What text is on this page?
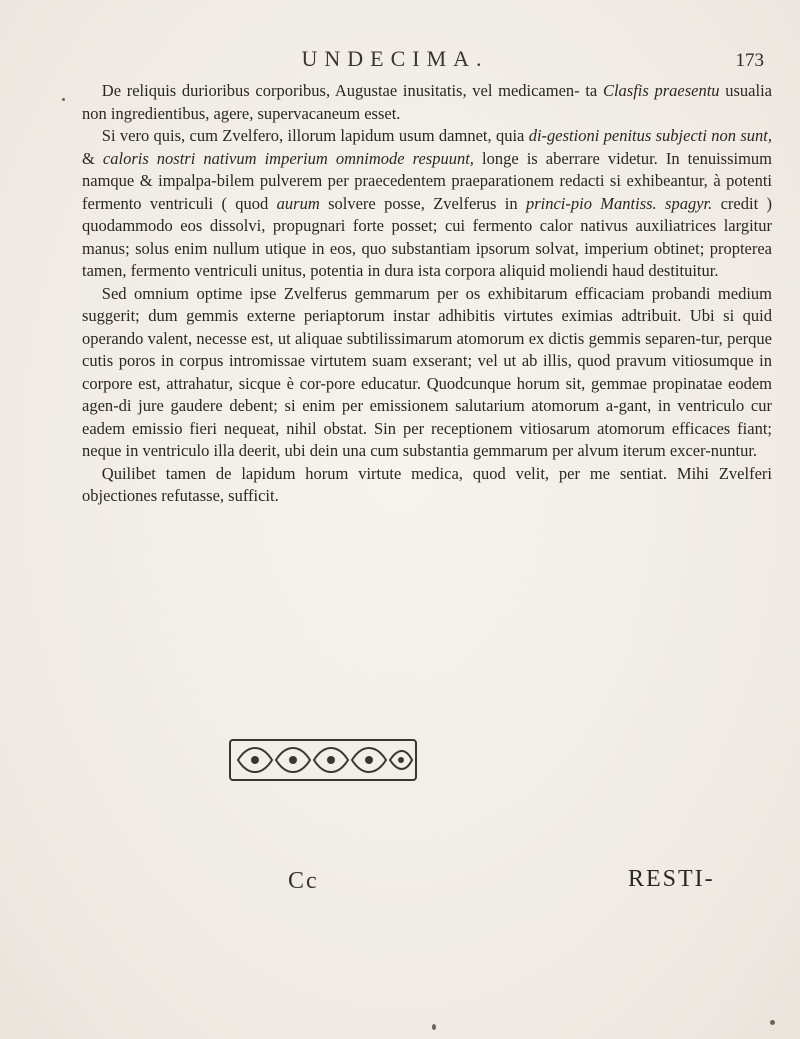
UNDECIMA.	173

De reliquis durioribus corporibus, Augustae inusitatis, vel medicamen- ta Clasfis praesentu usualia non ingredientibus, agere, supervacaneum esset.

Si vero quis, cum Zvelfero, illorum lapidum usum damnet, quia di-gestioni penitus subjecti non sunt, & caloris nostri nativum imperium omnimode respuunt, longe is aberrare videtur. In tenuissimum namque & impalpa-bilem pulverem per praecedentem praeparationem redacti si exhibeantur, à potenti fermento ventriculi ( quod aurum solvere posse, Zvelferus in princi-pio Mantiss. spagyr. credit ) quodammodo eos dissolvi, propugnari forte posset; cui fermento calor nativus auxiliatrices largitur manus; solus enim nullum utique in eos, quo substantiam ipsorum solvat, imperium obtinet; propterea tamen, fermento ventriculi unitus, potentia in dura ista corpora aliquid moliendi haud destituitur.

Sed omnium optime ipse Zvelferus gemmarum per os exhibitarum efficaciam probandi medium suggerit; dum gemmis externe periaptorum instar adhibitis virtutes eximias adtribuit. Ubi si quid operando valent, necesse est, ut aliquae subtilissimarum atomorum ex dictis gemmis separen-tur, perque cutis poros in corpus intromissae virtutem suam exserant; vel ut ab illis, quod pravum vitiosumque in corpore est, attrahatur, sicque è cor-pore educatur. Quodcunque horum sit, gemmae propinatae eodem agen-di jure gaudere debent; si enim per emissionem salutarium atomorum a-gant, in ventriculo cur eadem emissio fieri nequeat, nihil obstat. Sin per receptionem vitiosarum atomorum efficaces fiant; neque in ventriculo illa deerit, ubi dein una cum substantia gemmarum per alvum iterum excer-nuntur.

Quilibet tamen de lapidum horum virtute medica, quod velit, per me sentiat. Mihi Zvelferi objectiones refutasse, sufficit.

Cc	RESTI-
